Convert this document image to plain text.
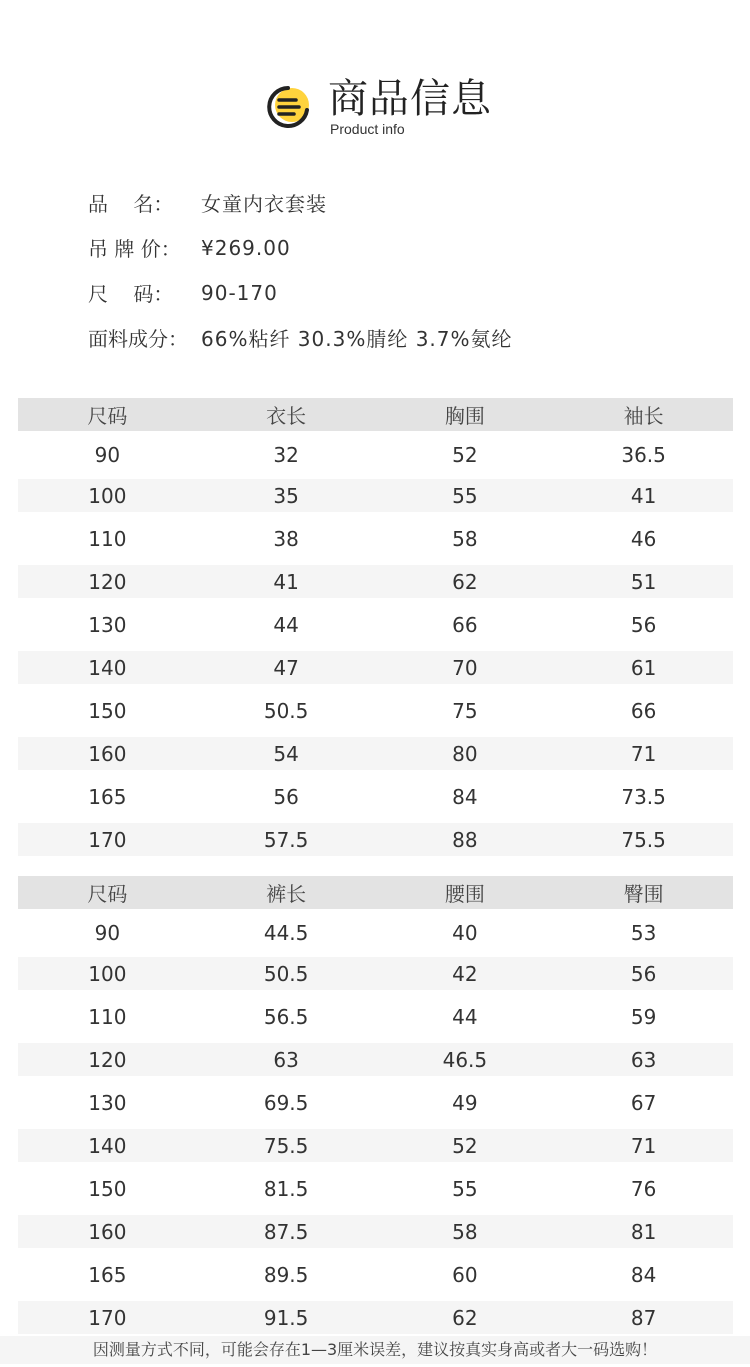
商品信息
Product info
品    名：	女童内衣套装
吊 牌 价：	¥269.00
尺    码：	90-170
面料成分： 66%粘纤 30.3%腈纶 3.7%氨纶
尺码	衣长	胸围	袖长
90	32	52	36.5
100	35	55	41
110	38	58	46
120	41	62	51
130	44	66	56
140	47	70	61
150	50.5	75	66
160	54	80	71
165	56	84	73.5
170	57.5	88	75.5
尺码	裤长	腰围	臀围
90	44.5	40	53
100	50.5	42	56
110	56.5	44	59
120	63	46.5	63
130	69.5	49	67
140	75.5	52	71
150	81.5	55	76
160	87.5	58	81
165	89.5	60	84
170	91.5	62	87
因测量方式不同，可能会存在1—3厘米误差，建议按真实身高或者大一码选购！
